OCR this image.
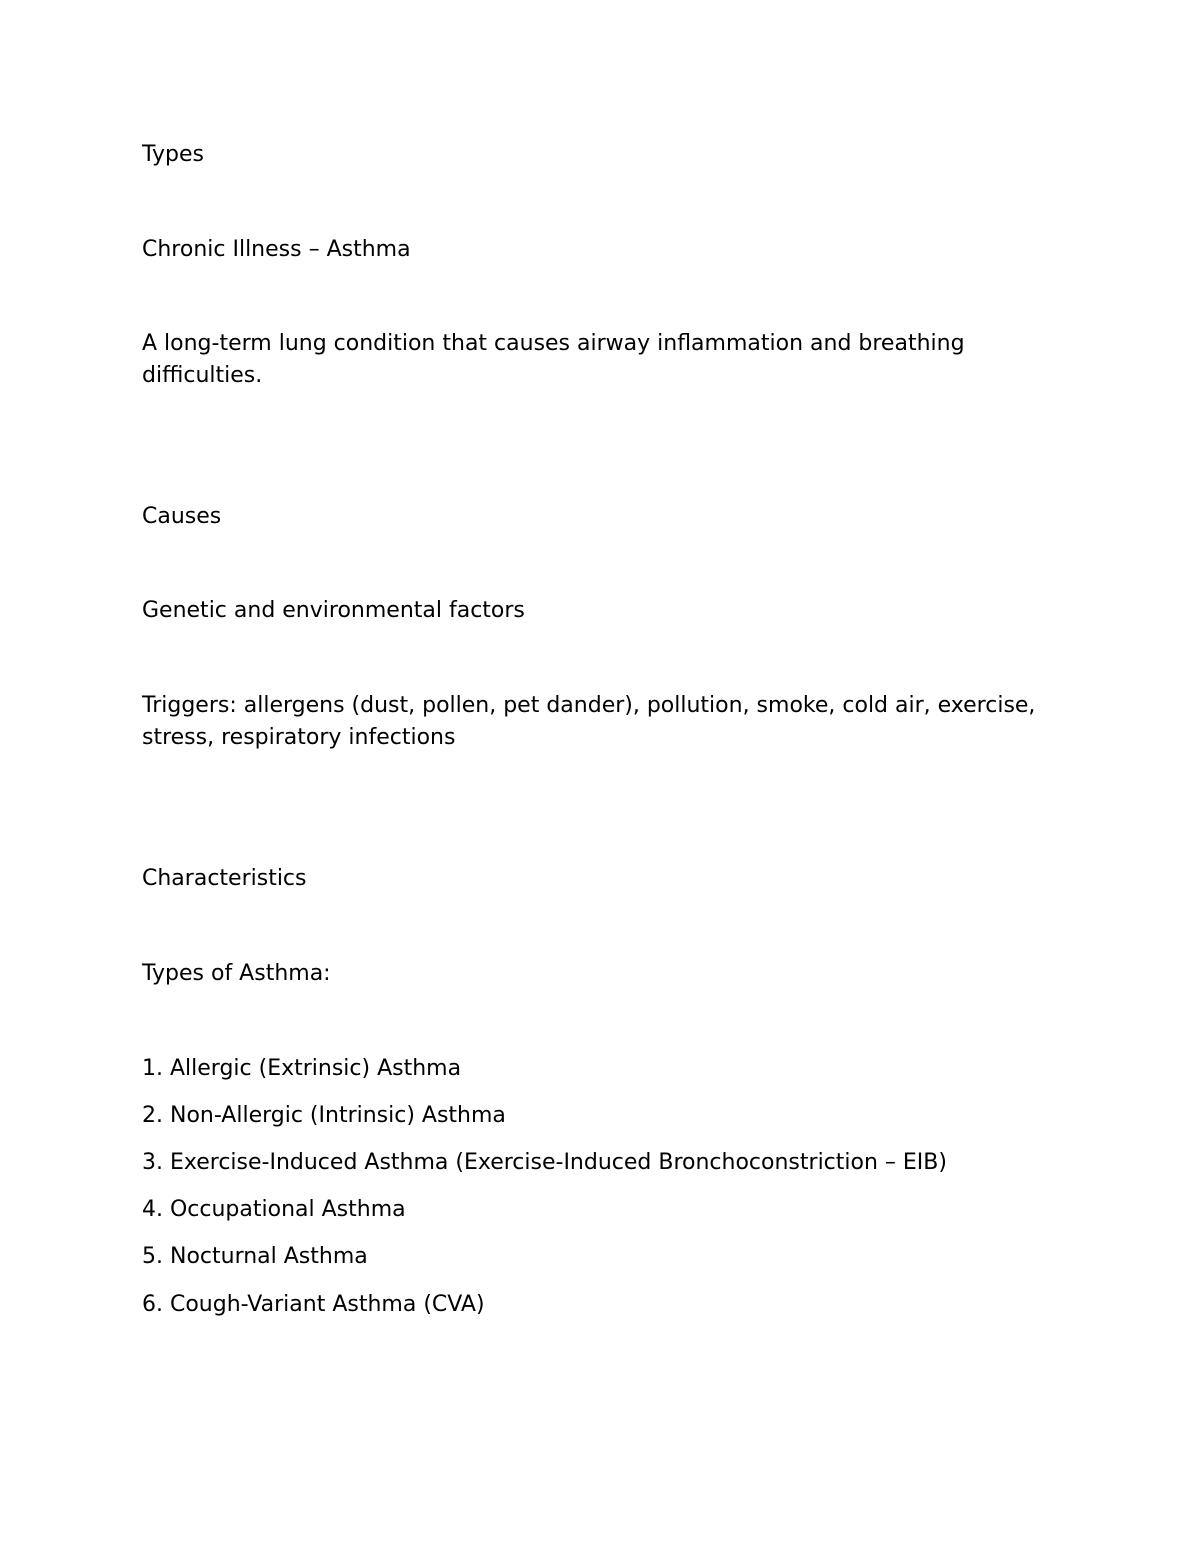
Types

Chronic Illness – Asthma

A long-term lung condition that causes airway inflammation and breathing difficulties.

Causes

Genetic and environmental factors

Triggers: allergens (dust, pollen, pet dander), pollution, smoke, cold air, exercise, stress, respiratory infections

Characteristics

Types of Asthma:

1. Allergic (Extrinsic) Asthma

2. Non-Allergic (Intrinsic) Asthma

3. Exercise-Induced Asthma (Exercise-Induced Bronchoconstriction – EIB)

4. Occupational Asthma

5. Nocturnal Asthma

6. Cough-Variant Asthma (CVA)
